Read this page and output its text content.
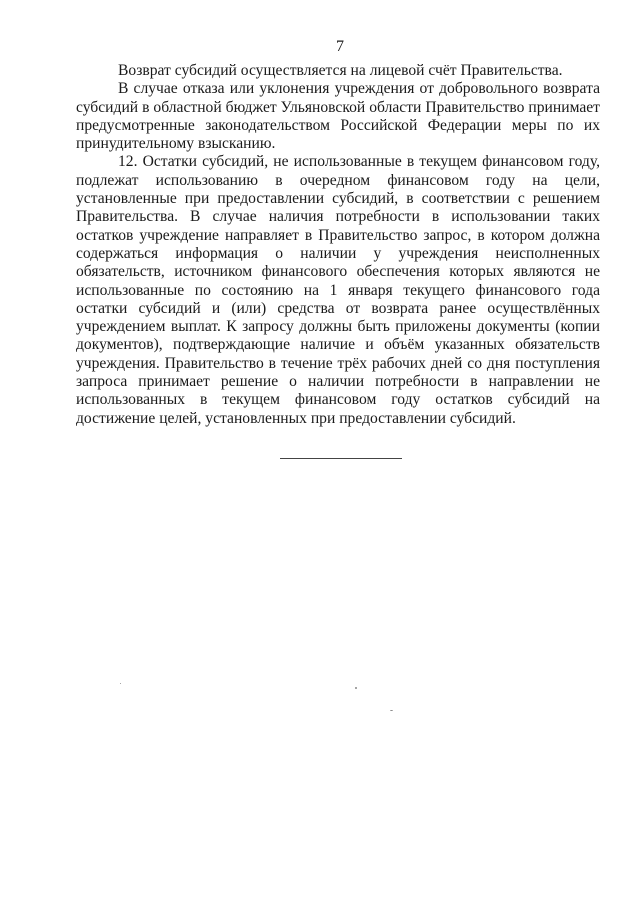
7

Возврат субсидий осуществляется на лицевой счёт Правительства.

В случае отказа или уклонения учреждения от добровольного возврата субсидий в областной бюджет Ульяновской области Правительство принимает предусмотренные законодательством Российской Федерации меры по их принудительному взысканию.

12. Остатки субсидий, не использованные в текущем финансовом году, подлежат использованию в очередном финансовом году на цели, установленные при предоставлении субсидий, в соответствии с решением Правительства. В случае наличия потребности в использовании таких остатков учреждение направляет в Правительство запрос, в котором должна содержаться информация о наличии у учреждения неисполненных обязательств, источником финансового обеспечения которых являются не использованные по состоянию на 1 января текущего финансового года остатки субсидий и (или) средства от возврата ранее осуществлённых учреждением выплат. К запросу должны быть приложены документы (копии документов), подтверждающие наличие и объём указанных обязательств учреждения. Правительство в течение трёх рабочих дней со дня поступления запроса принимает решение о наличии потребности в направлении не использованных в текущем финансовом году остатков субсидий на достижение целей, установленных при предоставлении субсидий.
